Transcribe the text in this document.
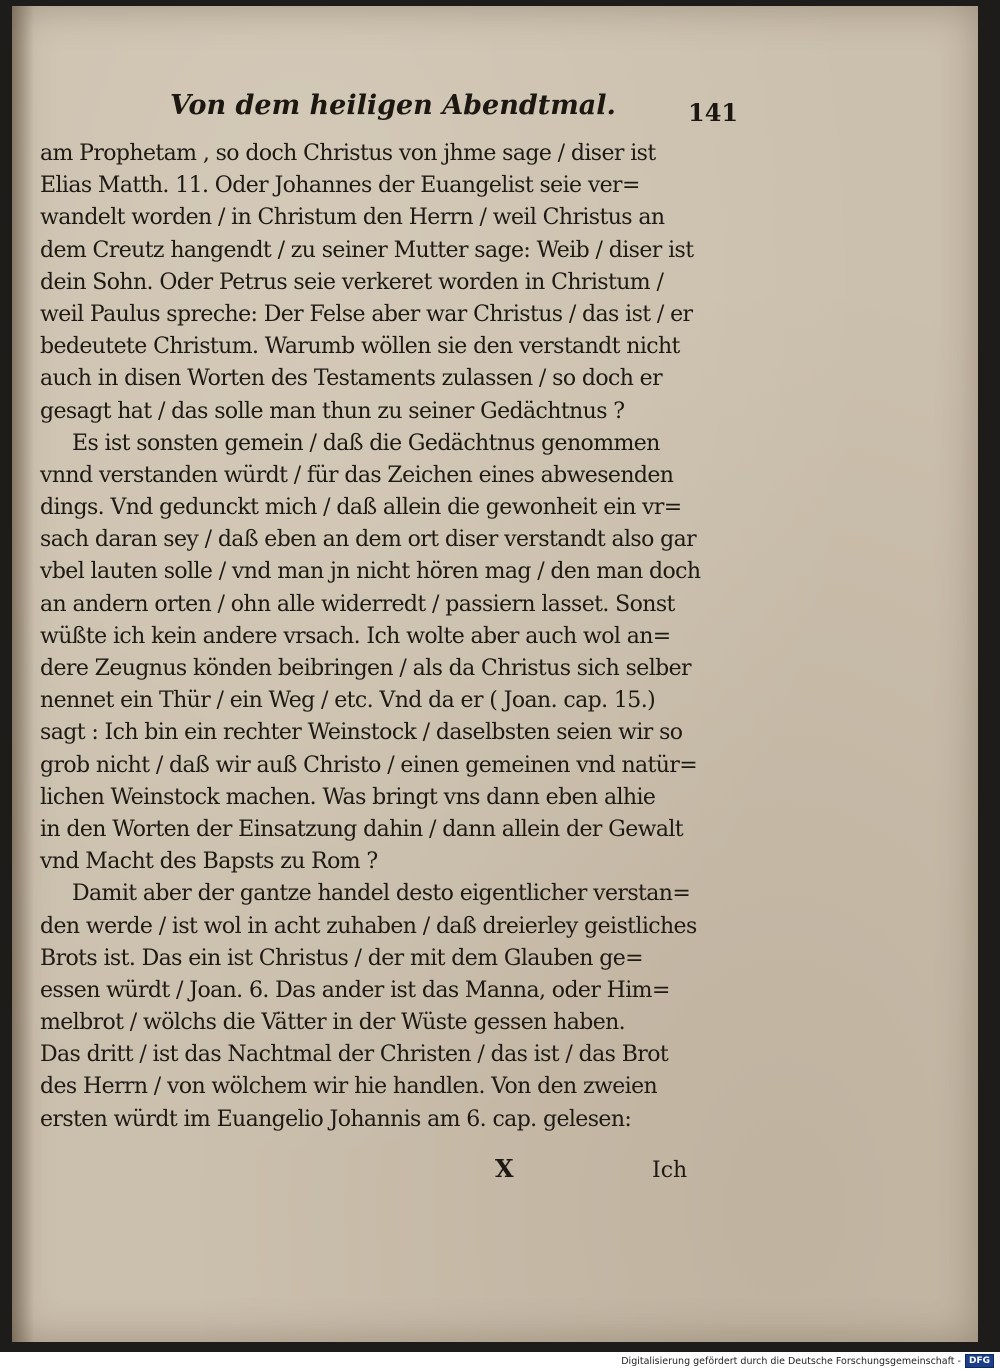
Von dem heiligen Abendtmal.	141
am Prophetam , so doch Christus von jhme sage / diser ist
Elias Matth. 11. Oder Johannes der Euangelist seie ver=
wandelt worden / in Christum den Herrn / weil Christus an
dem Creutz hangendt / zu seiner Mutter sage: Weib / diser ist
dein Sohn. Oder Petrus seie verkeret worden in Christum /
weil Paulus spreche: Der Felse aber war Christus / das ist / er
bedeutete Christum. Warumb wöllen sie den verstandt nicht
auch in disen Worten des Testaments zulassen / so doch er
gesagt hat / das solle man thun zu seiner Gedächtnus ?
Es ist sonsten gemein / daß die Gedächtnus genommen
vnnd verstanden würdt / für das Zeichen eines abwesenden
dings. Vnd gedunckt mich / daß allein die gewonheit ein vr=
sach daran sey / daß eben an dem ort diser verstandt also gar
vbel lauten solle / vnd man jn nicht hören mag / den man doch
an andern orten / ohn alle widerredt / passiern lasset. Sonst
wüßte ich kein andere vrsach. Ich wolte aber auch wol an=
dere Zeugnus könden beibringen / als da Christus sich selber
nennet ein Thür / ein Weg / etc. Vnd da er ( Joan. cap. 15.)
sagt : Ich bin ein rechter Weinstock / daselbsten seien wir so
grob nicht / daß wir auß Christo / einen gemeinen vnd natür=
lichen Weinstock machen. Was bringt vns dann eben alhie
in den Worten der Einsatzung dahin / dann allein der Gewalt
vnd Macht des Bapsts zu Rom ?
Damit aber der gantze handel desto eigentlicher verstan=
den werde / ist wol in acht zuhaben / daß dreierley geistliches
Brots ist. Das ein ist Christus / der mit dem Glauben ge=
essen würdt / Joan. 6. Das ander ist das Manna, oder Him=
melbrot / wölchs die Vätter in der Wüste gessen haben.
Das dritt / ist das Nachtmal der Christen / das ist / das Brot
des Herrn / von wölchem wir hie handlen. Von den zweien
ersten würdt im Euangelio Johannis am 6. cap. gelesen:
X	Ich
Digitalisierung gefördert durch die Deutsche Forschungsgemeinschaft - DFG
